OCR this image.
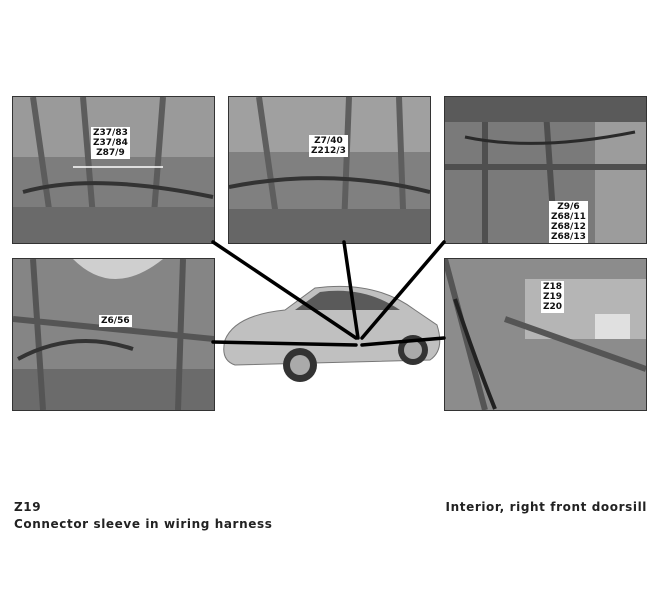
Z37/83
Z37/84
Z87/9
Z7/40
Z212/3
Z9/6
Z68/11
Z68/12
Z68/13
Z6/56
Z18
Z19
Z20
Z19
Connector sleeve in wiring harness
Interior, right front doorsill
